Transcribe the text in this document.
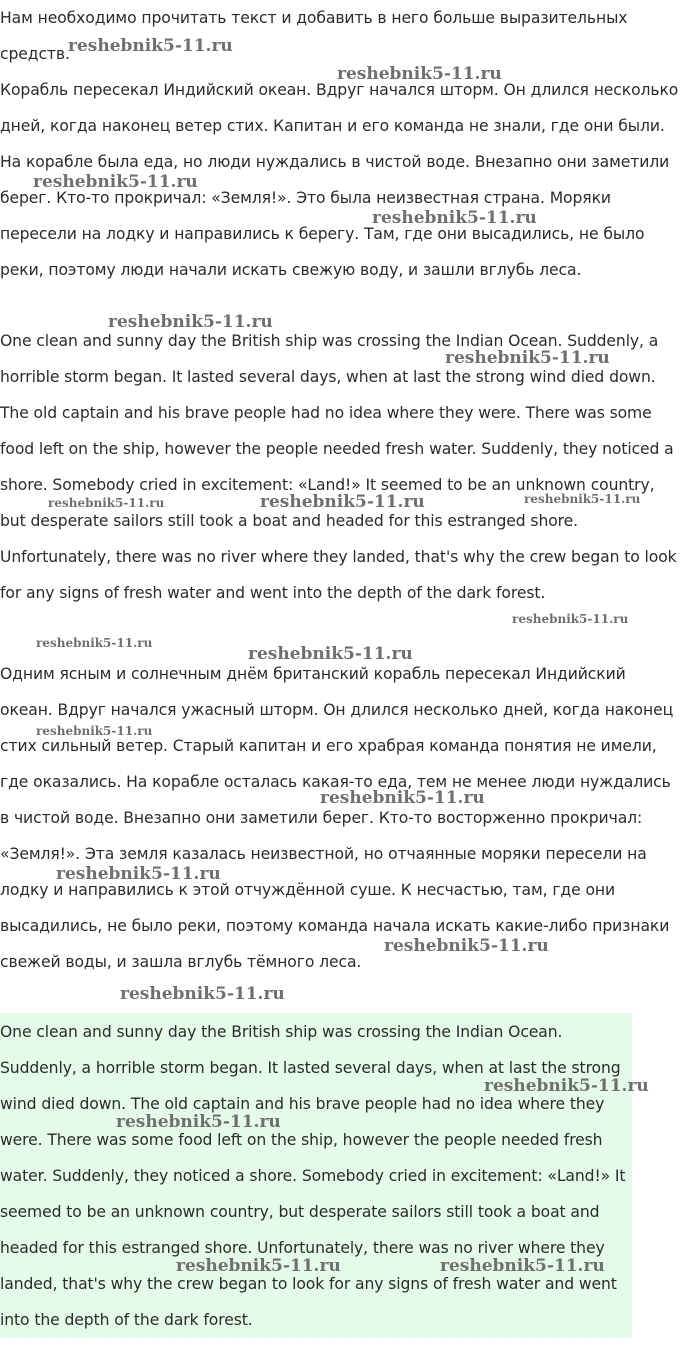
Нам необходимо прочитать текст и добавить в него больше выразительных средств.

Корабль пересекал Индийский океан. Вдруг начался шторм. Он длился несколько дней, когда наконец ветер стих. Капитан и его команда не знали, где они были. На корабле была еда, но люди нуждались в чистой воде. Внезапно они заметили берег. Кто-то прокричал: «Земля!». Это была неизвестная страна. Моряки пересели на лодку и направились к берегу. Там, где они высадились, не было реки, поэтому люди начали искать свежую воду, и зашли вглубь леса.

One clean and sunny day the British ship was crossing the Indian Ocean. Suddenly, a horrible storm began. It lasted several days, when at last the strong wind died down. The old captain and his brave people had no idea where they were. There was some food left on the ship, however the people needed fresh water. Suddenly, they noticed a shore. Somebody cried in excitement: «Land!» It seemed to be an unknown country, but desperate sailors still took a boat and headed for this estranged shore. Unfortunately, there was no river where they landed, that's why the crew began to look for any signs of fresh water and went into the depth of the dark forest.

Одним ясным и солнечным днём британский корабль пересекал Индийский океан. Вдруг начался ужасный шторм. Он длился несколько дней, когда наконец стих сильный ветер. Старый капитан и его храбрая команда понятия не имели, где оказались. На корабле осталась какая-то еда, тем не менее люди нуждались в чистой воде. Внезапно они заметили берег. Кто-то восторженно прокричал: «Земля!». Эта земля казалась неизвестной, но отчаянные моряки пересели на лодку и направились к этой отчуждённой суше. К несчастью, там, где они высадились, не было реки, поэтому команда начала искать какие-либо признаки свежей воды, и зашла вглубь тёмного леса.

One clean and sunny day the British ship was crossing the Indian Ocean. Suddenly, a horrible storm began. It lasted several days, when at last the strong wind died down. The old captain and his brave people had no idea where they were. There was some food left on the ship, however the people needed fresh water. Suddenly, they noticed a shore. Somebody cried in excitement: «Land!» It seemed to be an unknown country, but desperate sailors still took a boat and headed for this estranged shore. Unfortunately, there was no river where they landed, that's why the crew began to look for any signs of fresh water and went into the depth of the dark forest.

reshebnik5-11.ru
reshebnik5-11.ru
reshebnik5-11.ru
reshebnik5-11.ru
reshebnik5-11.ru
reshebnik5-11.ru
reshebnik5-11.ru	reshebnik5-11.ru	reshebnik5-11.ru
reshebnik5-11.ru
reshebnik5-11.ru
reshebnik5-11.ru
reshebnik5-11.ru
reshebnik5-11.ru
reshebnik5-11.ru
reshebnik5-11.ru
reshebnik5-11.ru
reshebnik5-11.ru
reshebnik5-11.ru
reshebnik5-11.ru	reshebnik5-11.ru
